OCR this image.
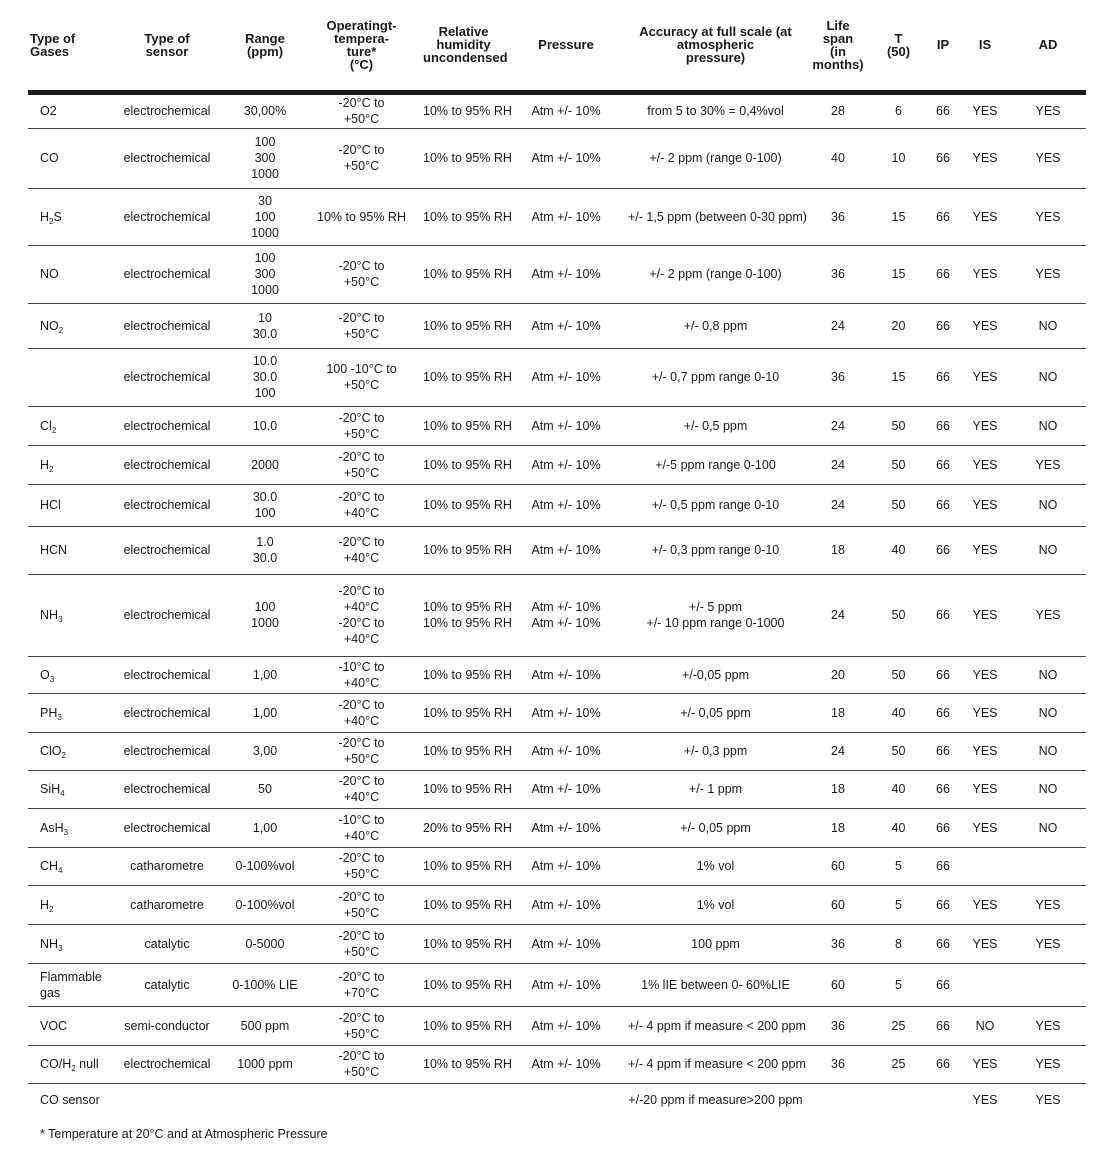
Type of Gases	Type of sensor	Range (ppm)	Operatingt-
tempera-
ture*
(°C)	Relative
humidity
uncondensed	Pressure	Accuracy at full scale (at
atmospheric
pressure)	Life
span
(in
months)	T
(50)	IP	IS	AD
O2	electrochemical	30,00%	-20°C to
+50°C	10% to 95% RH	Atm +/- 10%	from 5 to 30% = 0,4%vol	28	6	66	YES	YES
CO	electrochemical	100
300
1000	-20°C to
+50°C	10% to 95% RH	Atm +/- 10%	+/- 2 ppm (range 0-100)	40	10	66	YES	YES
$H_2S$	electrochemical	30
100
1000	10% to 95% RH	10% to 95% RH	Atm +/- 10%	+/- 1,5 ppm (between 0-30 ppm)	36	15	66	YES	YES
NO	electrochemical	100
300
1000	-20°C to
+50°C	10% to 95% RH	Atm +/- 10%	+/- 2 ppm (range 0-100)	36	15	66	YES	YES
$NO_2$	electrochemical	10
30.0	-20°C to
+50°C	10% to 95% RH	Atm +/- 10%	+/- 0,8 ppm	24	20	66	YES	NO
	electrochemical	10.0
30.0
100	100 -10°C to
+50°C	10% to 95% RH	Atm +/- 10%	+/- 0,7 ppm range 0-10	36	15	66	YES	NO
$Cl_2$	electrochemical	10.0	-20°C to
+50°C	10% to 95% RH	Atm +/- 10%	+/- 0,5 ppm	24	50	66	YES	NO
$H_2$	electrochemical	2000	-20°C to
+50°C	10% to 95% RH	Atm +/- 10%	+/-5 ppm range 0-100	24	50	66	YES	YES
HCl	electrochemical	30.0
100	-20°C to
+40°C	10% to 95% RH	Atm +/- 10%	+/- 0,5 ppm range 0-10	24	50	66	YES	NO
HCN	electrochemical	1.0
30.0	-20°C to
+40°C	10% to 95% RH	Atm +/- 10%	+/- 0,3 ppm range 0-10	18	40	66	YES	NO
$NH_3$	electrochemical	100
1000	-20°C to
+40°C
-20°C to
+40°C	10% to 95% RH
10% to 95% RH	Atm +/- 10%
Atm +/- 10%	+/- 5 ppm
+/- 10 ppm range 0-1000	24	50	66	YES	YES
$O_3$	electrochemical	1,00	-10°C to
+40°C	10% to 95% RH	Atm +/- 10%	+/-0,05 ppm	20	50	66	YES	NO
$PH_3$	electrochemical	1,00	-20°C to
+40°C	10% to 95% RH	Atm +/- 10%	+/- 0,05 ppm	18	40	66	YES	NO
ClO$_2$	electrochemical	3,00	-20°C to
+50°C	10% to 95% RH	Atm +/- 10%	+/- 0,3 ppm	24	50	66	YES	NO
SiH$_4$	electrochemical	50	-20°C to
+40°C	10% to 95% RH	Atm +/- 10%	+/- 1 ppm	18	40	66	YES	NO
AsH$_3$	electrochemical	1,00	-10°C to
+40°C	20% to 95% RH	Atm +/- 10%	+/- 0,05 ppm	18	40	66	YES	NO
$CH_4$	catharometre	0-100%vol	-20°C to
+50°C	10% to 95% RH	Atm +/- 10%	1% vol	60	5	66		
$H_2$	catharometre	0-100%vol	-20°C to
+50°C	10% to 95% RH	Atm +/- 10%	1% vol	60	5	66	YES	YES
$NH_3$	catalytic	0-5000	-20°C to
+50°C	10% to 95% RH	Atm +/- 10%	100 ppm	36	8	66	YES	YES
Flammable gas	catalytic	0-100% LIE	-20°C to
+70°C	10% to 95% RH	Atm +/- 10%	1% lIE between 0- 60%LIE	60	5	66		
VOC	semi-conductor	500 ppm	-20°C to
+50°C	10% to 95% RH	Atm +/- 10%	+/- 4 ppm if measure < 200 ppm	36	25	66	NO	YES
$CO/H_2$ null	electrochemical	1000 ppm	-20°C to
+50°C	10% to 95% RH	Atm +/- 10%	+/- 4 ppm if measure < 200 ppm	36	25	66	YES	YES
CO sensor						+/-20 ppm if measure>200 ppm				YES	YES
* Temperature at 20°C and at Atmospheric Pressure
